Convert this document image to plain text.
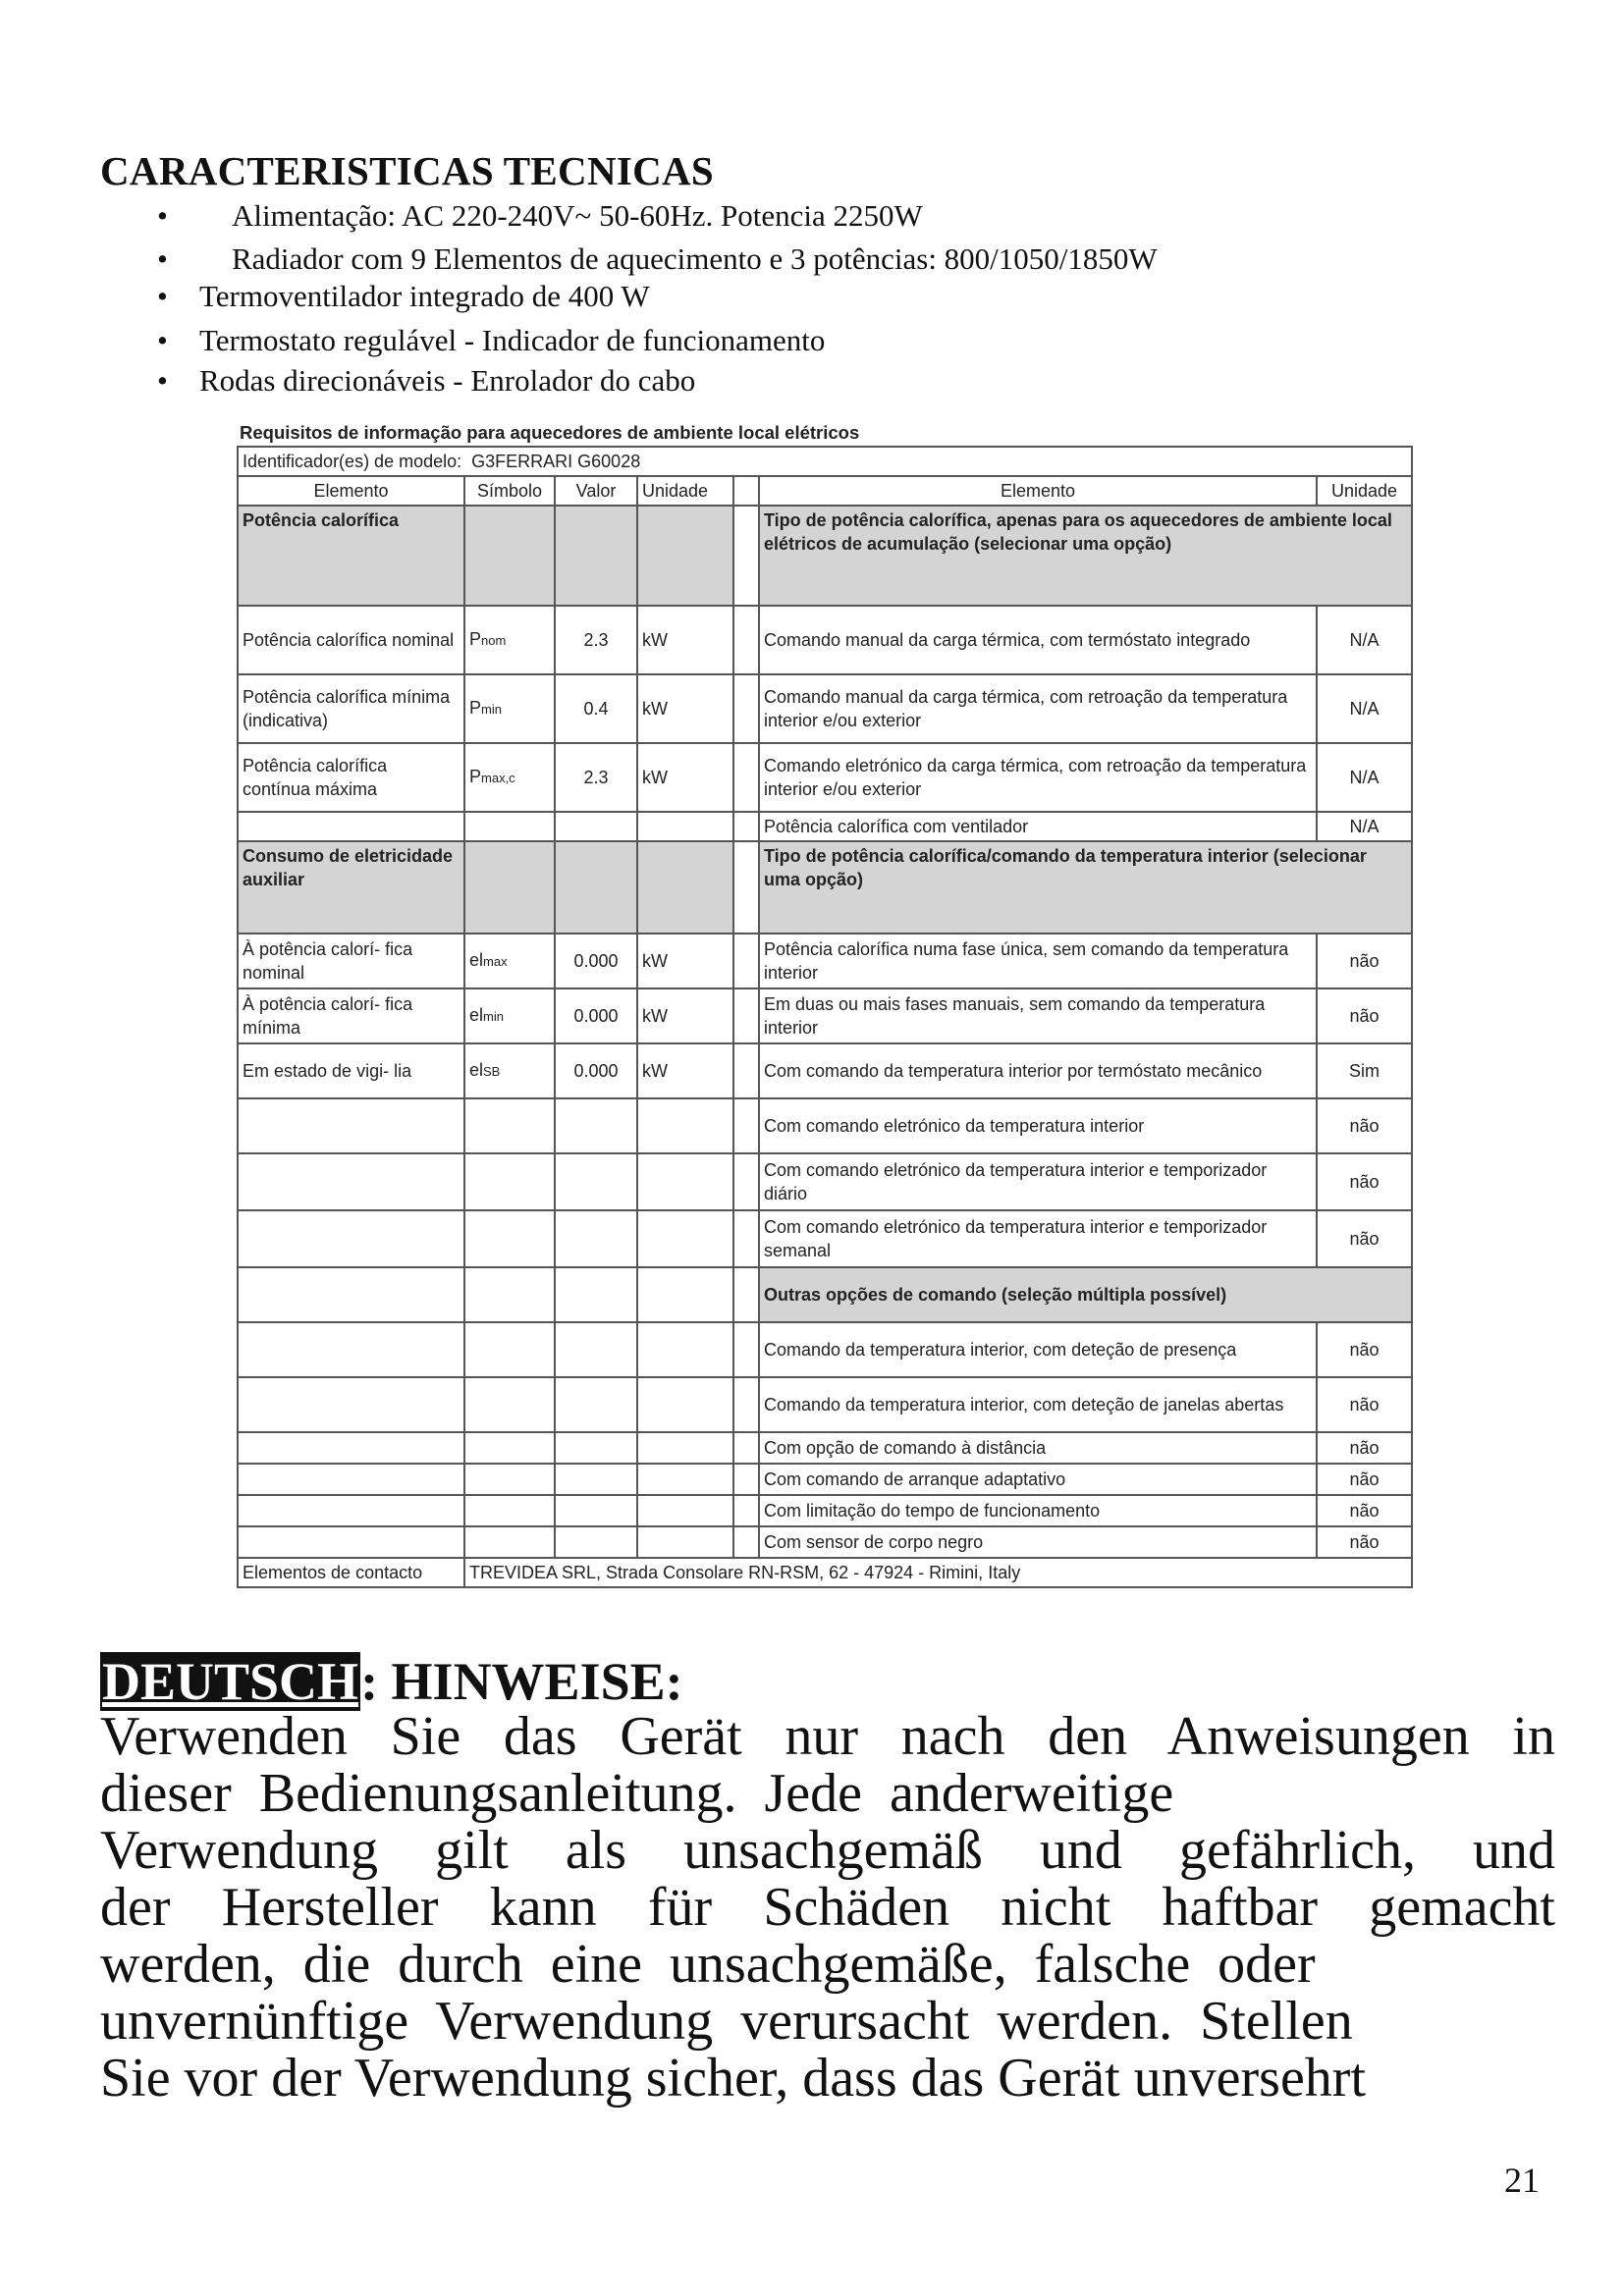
CARACTERISTICAS TECNICAS
• Alimentação: AC 220-240V~ 50-60Hz. Potencia 2250W
• Radiador com 9 Elementos de aquecimento e 3 potências: 800/1050/1850W
• Termoventilador integrado de 400 W
• Termostato regulável - Indicador de funcionamento
• Rodas direcionáveis - Enrolador do cabo
Requisitos de informação para aquecedores de ambiente local elétricos
Identificador(es) de modelo: G3FERRARI G60028						
Elemento	Símbolo	Valor	Unidade		Elemento	Unidade
Potência calorífica					Tipo de potência calorífica, apenas para os aquecedores de ambiente local elétricos de acumulação (selecionar uma opção)	
Potência calorífica nominal	Pnom	2.3	kW		Comando manual da carga térmica, com termóstato integrado	N/A
Potência calorífica mínima (indicativa)	Pmin	0.4	kW		Comando manual da carga térmica, com retroação da temperatura interior e/ou exterior	N/A
Potência calorífica contínua máxima	Pmax,c	2.3	kW		Comando eletrónico da carga térmica, com retroação da temperatura interior e/ou exterior	N/A
					Potência calorífica com ventilador	N/A
Consumo de eletricidade auxiliar					Tipo de potência calorífica/comando da temperatura interior (selecionar uma opção)	
À potência calorí- fica nominal	elmax	0.000	kW		Potência calorífica numa fase única, sem comando da temperatura interior	não
À potência calorí- fica mínima	elmin	0.000	kW		Em duas ou mais fases manuais, sem comando da temperatura interior	não
Em estado de vigi- lia	elSB	0.000	kW		Com comando da temperatura interior por termóstato mecânico	Sim
					Com comando eletrónico da temperatura interior	não
					Com comando eletrónico da temperatura interior e temporizador diário	não
					Com comando eletrónico da temperatura interior e temporizador semanal	não
					Outras opções de comando (seleção múltipla possível)	
					Comando da temperatura interior, com deteção de presença	não
					Comando da temperatura interior, com deteção de janelas abertas	não
					Com opção de comando à distância	não
					Com comando de arranque adaptativo	não
					Com limitação do tempo de funcionamento	não
					Com sensor de corpo negro	não
Elementos de contacto	TREVIDEA SRL, Strada Consolare RN-RSM, 62 - 47924 - Rimini, Italy					
DEUTSCH: HINWEISE:
Verwenden Sie das Gerät nur nach den Anweisungen in
dieser  Bedienungsanleitung.  Jede  anderweitige
Verwendung gilt als unsachgemäß und gefährlich, und
der Hersteller kann für Schäden nicht haftbar gemacht
werden,  die  durch  eine  unsachgemäße,  falsche  oder
unvernünftige  Verwendung  verursacht  werden.  Stellen
Sie vor der Verwendung sicher, dass das Gerät unversehrt
21
